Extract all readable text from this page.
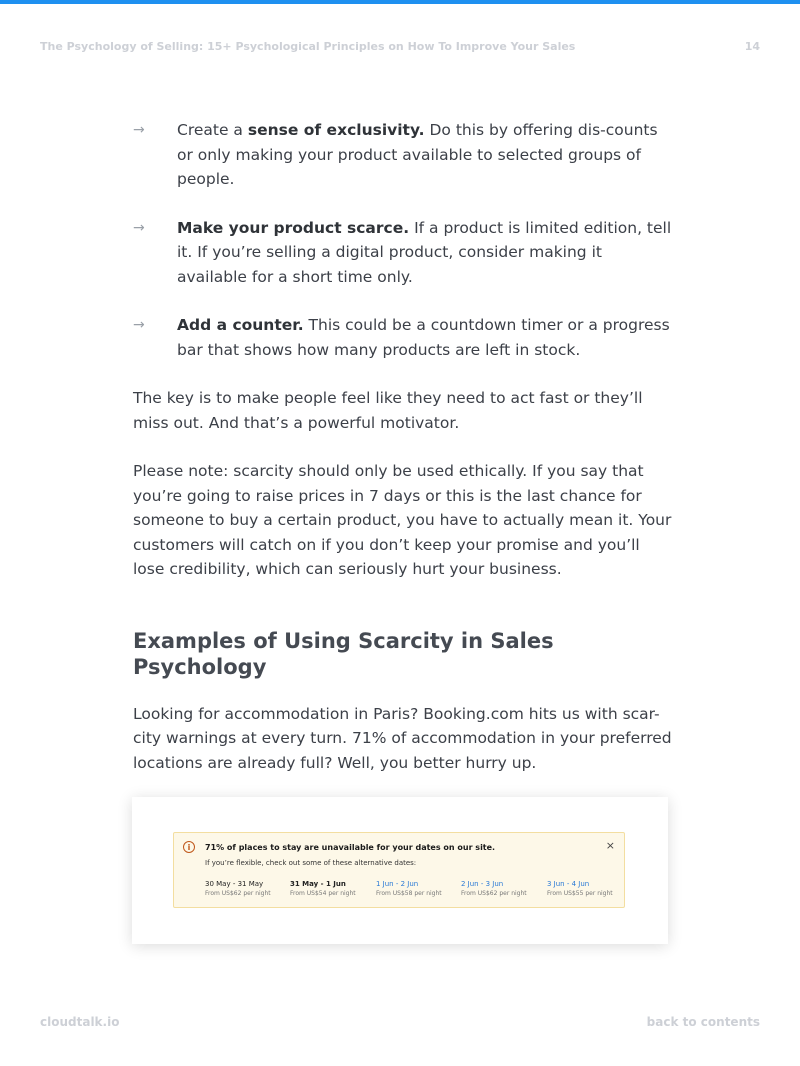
The Psychology of Selling: 15+ Psychological Principles on How To Improve Your Sales	14
→ Create a sense of exclusivity. Do this by offering dis-counts or only making your product available to selected groups of people.
→ Make your product scarce. If a product is limited edition, tell it. If you’re selling a digital product, consider making it available for a short time only.
→ Add a counter. This could be a countdown timer or a progress bar that shows how many products are left in stock.

The key is to make people feel like they need to act fast or they’ll miss out. And that’s a powerful motivator.

Please note: scarcity should only be used ethically. If you say that you’re going to raise prices in 7 days or this is the last chance for someone to buy a certain product, you have to actually mean it. Your customers will catch on if you don’t keep your promise and you’ll lose credibility, which can seriously hurt your business.

Examples of Using Scarcity in Sales Psychology

Looking for accommodation in Paris? Booking.com hits us with scar-city warnings at every turn. 71% of accommodation in your preferred locations are already full? Well, you better hurry up.

i	71% of places to stay are unavailable for your dates on our site.
If you’re flexible, check out some of these alternative dates:
×
30 May - 31 May
From US$62 per night
31 May - 1 Jun
From US$54 per night
1 Jun - 2 Jun
From US$58 per night
2 Jun - 3 Jun
From US$62 per night
3 Jun - 4 Jun
From US$55 per night
cloudtalk.io	back to contents
